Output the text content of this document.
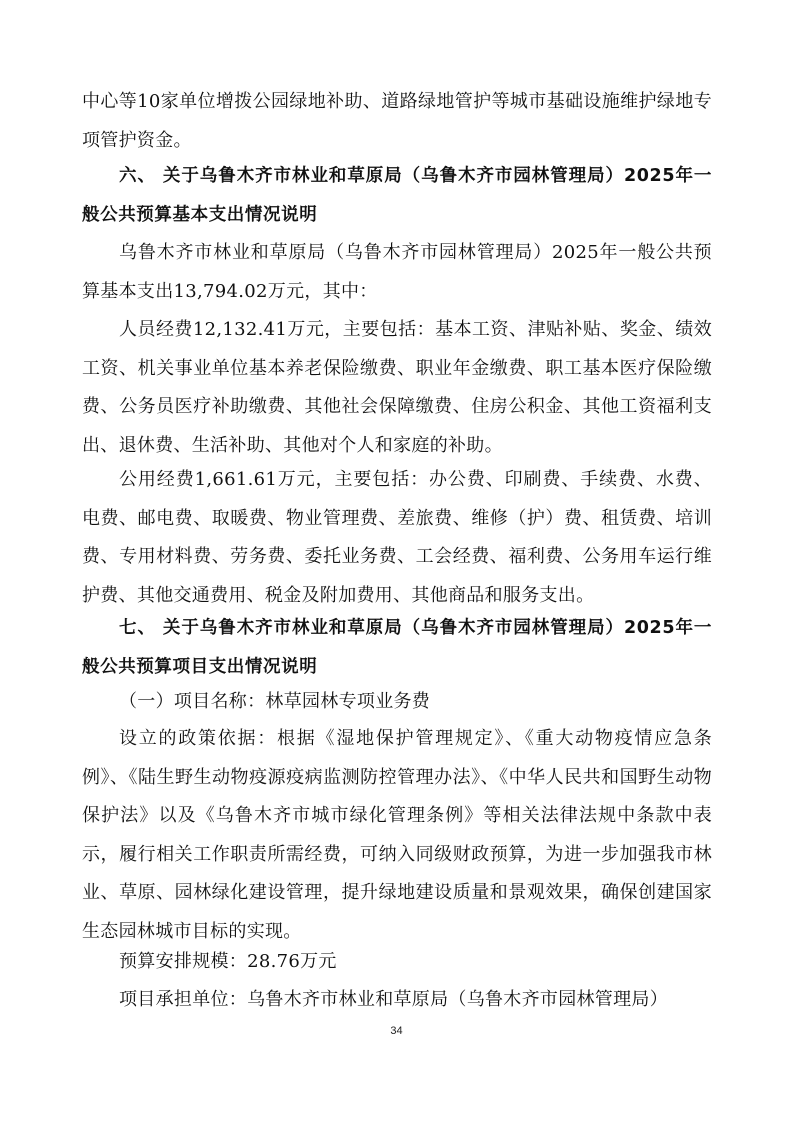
中心等10家单位增拨公园绿地补助、道路绿地管护等城市基础设施维护绿地专项管护资金。

六、 关于乌鲁木齐市林业和草原局（乌鲁木齐市园林管理局）2025年一般公共预算基本支出情况说明

乌鲁木齐市林业和草原局（乌鲁木齐市园林管理局）2025年一般公共预算基本支出13,794.02万元，其中：

人员经费12,132.41万元，主要包括：基本工资、津贴补贴、奖金、绩效工资、机关事业单位基本养老保险缴费、职业年金缴费、职工基本医疗保险缴费、公务员医疗补助缴费、其他社会保障缴费、住房公积金、其他工资福利支出、退休费、生活补助、其他对个人和家庭的补助。

公用经费1,661.61万元，主要包括：办公费、印刷费、手续费、水费、电费、邮电费、取暖费、物业管理费、差旅费、维修（护）费、租赁费、培训费、专用材料费、劳务费、委托业务费、工会经费、福利费、公务用车运行维护费、其他交通费用、税金及附加费用、其他商品和服务支出。

七、 关于乌鲁木齐市林业和草原局（乌鲁木齐市园林管理局）2025年一般公共预算项目支出情况说明

（一）项目名称：林草园林专项业务费

设立的政策依据：根据《湿地保护管理规定》、《重大动物疫情应急条例》、《陆生野生动物疫源疫病监测防控管理办法》、《中华人民共和国野生动物保护法》以及《乌鲁木齐市城市绿化管理条例》等相关法律法规中条款中表示，履行相关工作职责所需经费，可纳入同级财政预算，为进一步加强我市林业、草原、园林绿化建设管理，提升绿地建设质量和景观效果，确保创建国家生态园林城市目标的实现。

预算安排规模：28.76万元

项目承担单位：乌鲁木齐市林业和草原局（乌鲁木齐市园林管理局）

34
